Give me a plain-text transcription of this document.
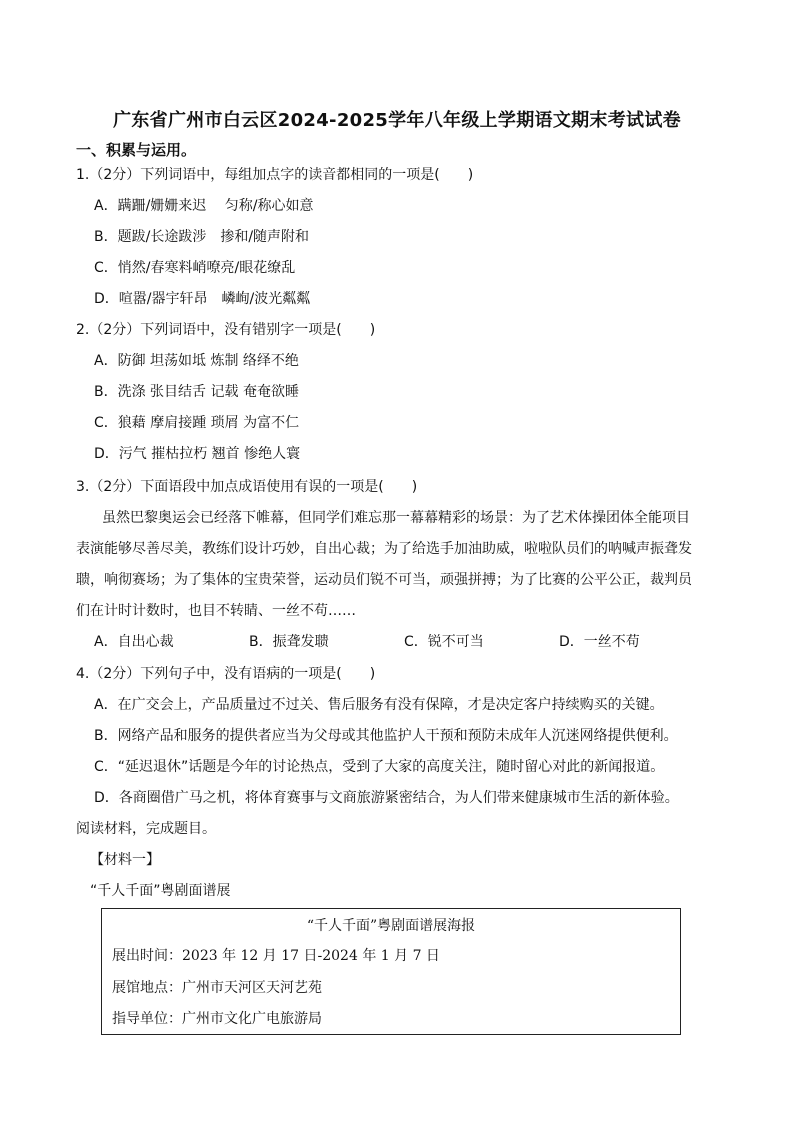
广东省广州市白云区2024-2025学年八年级上学期语文期末考试试卷
一、积累与运用。
1.（2分）下列词语中，每组加点字的读音都相同的一项是(　　)
A．蹒跚/姗姗来迟　 匀称/称心如意
B．题跋/长途跋涉　掺和/随声附和
C．悄然/春寒料峭嘹亮/眼花缭乱
D．喧嚣/器宇轩昂　嶙峋/波光粼粼
2.（2分）下列词语中，没有错别字一项是(　　)
A．防御 坦荡如坻 炼制 络绎不绝
B．洗涤 张目结舌 记载 奄奄欲睡
C．狼藉 摩肩接踵 琐屑 为富不仁
D．污气 摧枯拉朽 翘首 惨绝人寰
3.（2分）下面语段中加点成语使用有误的一项是(　　)
虽然巴黎奥运会已经落下帷幕，但同学们难忘那一幕幕精彩的场景：为了艺术体操团体全能项目
表演能够尽善尽美，教练们设计巧妙，自出心裁；为了给选手加油助威，啦啦队员们的呐喊声振聋发
聩，响彻赛场；为了集体的宝贵荣誉，运动员们锐不可当，顽强拼搏；为了比赛的公平公正，裁判员
们在计时计数时，也目不转睛、一丝不苟……
A．自出心裁	B．振聋发聩	C．锐不可当	D．一丝不苟
4.（2分）下列句子中，没有语病的一项是(　　)
A．在广交会上，产品质量过不过关、售后服务有没有保障，才是决定客户持续购买的关键。
B．网络产品和服务的提供者应当为父母或其他监护人干预和预防未成年人沉迷网络提供便利。
C．“延迟退休”话题是今年的讨论热点，受到了大家的高度关注，随时留心对此的新闻报道。
D．各商圈借广马之机，将体育赛事与文商旅游紧密结合，为人们带来健康城市生活的新体验。
阅读材料，完成题目。
【材料一】
“千人千面”粤剧面谱展
“千人千面”粤剧面谱展海报
展出时间：2023 年 12 月 17 日-2024 年 1 月 7 日
展馆地点：广州市天河区天河艺苑
指导单位：广州市文化广电旅游局
